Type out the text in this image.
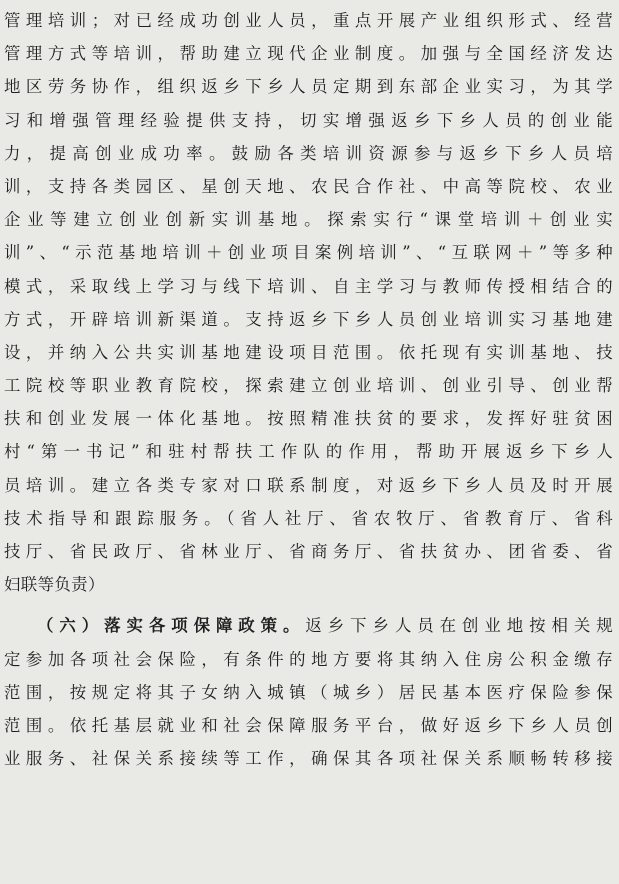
管理培训；对已经成功创业人员，重点开展产业组织形式、经营
管理方式等培训，帮助建立现代企业制度。加强与全国经济发达
地区劳务协作，组织返乡下乡人员定期到东部企业实习，为其学
习和增强管理经验提供支持，切实增强返乡下乡人员的创业能
力，提高创业成功率。鼓励各类培训资源参与返乡下乡人员培
训，支持各类园区、星创天地、农民合作社、中高等院校、农业
企业等建立创业创新实训基地。探索实行“课堂培训＋创业实
训”、“示范基地培训＋创业项目案例培训”、“互联网＋”等多种
模式，采取线上学习与线下培训、自主学习与教师传授相结合的
方式，开辟培训新渠道。支持返乡下乡人员创业培训实习基地建
设，并纳入公共实训基地建设项目范围。依托现有实训基地、技
工院校等职业教育院校，探索建立创业培训、创业引导、创业帮
扶和创业发展一体化基地。按照精准扶贫的要求，发挥好驻贫困
村“第一书记”和驻村帮扶工作队的作用，帮助开展返乡下乡人
员培训。建立各类专家对口联系制度，对返乡下乡人员及时开展
技术指导和跟踪服务。（省人社厅、省农牧厅、省教育厅、省科
技厅、省民政厅、省林业厅、省商务厅、省扶贫办、团省委、省
妇联等负责）
（六）落实各项保障政策。返乡下乡人员在创业地按相关规
定参加各项社会保险，有条件的地方要将其纳入住房公积金缴存
范围，按规定将其子女纳入城镇（城乡）居民基本医疗保险参保
范围。依托基层就业和社会保障服务平台，做好返乡下乡人员创
业服务、社保关系接续等工作，确保其各项社保关系顺畅转移接
